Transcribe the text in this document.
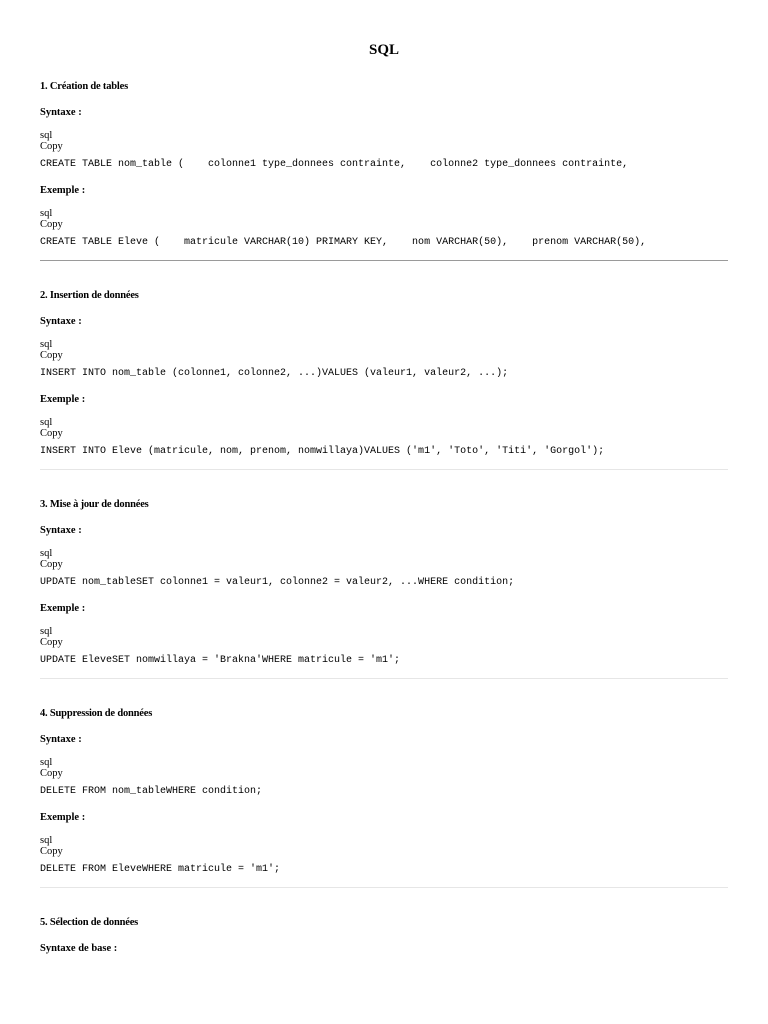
SQL
1. Création de tables
Syntaxe :
sql
Copy
CREATE TABLE nom_table (    colonne1 type_donnees contrainte,    colonne2 type_donnees contrainte,
Exemple :
sql
Copy
CREATE TABLE Eleve (    matricule VARCHAR(10) PRIMARY KEY,    nom VARCHAR(50),    prenom VARCHAR(50),
2. Insertion de données
Syntaxe :
sql
Copy
INSERT INTO nom_table (colonne1, colonne2, ...)VALUES (valeur1, valeur2, ...);
Exemple :
sql
Copy
INSERT INTO Eleve (matricule, nom, prenom, nomwillaya)VALUES ('m1', 'Toto', 'Titi', 'Gorgol');
3. Mise à jour de données
Syntaxe :
sql
Copy
UPDATE nom_tableSET colonne1 = valeur1, colonne2 = valeur2, ...WHERE condition;
Exemple :
sql
Copy
UPDATE EleveSET nomwillaya = 'Brakna'WHERE matricule = 'm1';
4. Suppression de données
Syntaxe :
sql
Copy
DELETE FROM nom_tableWHERE condition;
Exemple :
sql
Copy
DELETE FROM EleveWHERE matricule = 'm1';
5. Sélection de données
Syntaxe de base :
